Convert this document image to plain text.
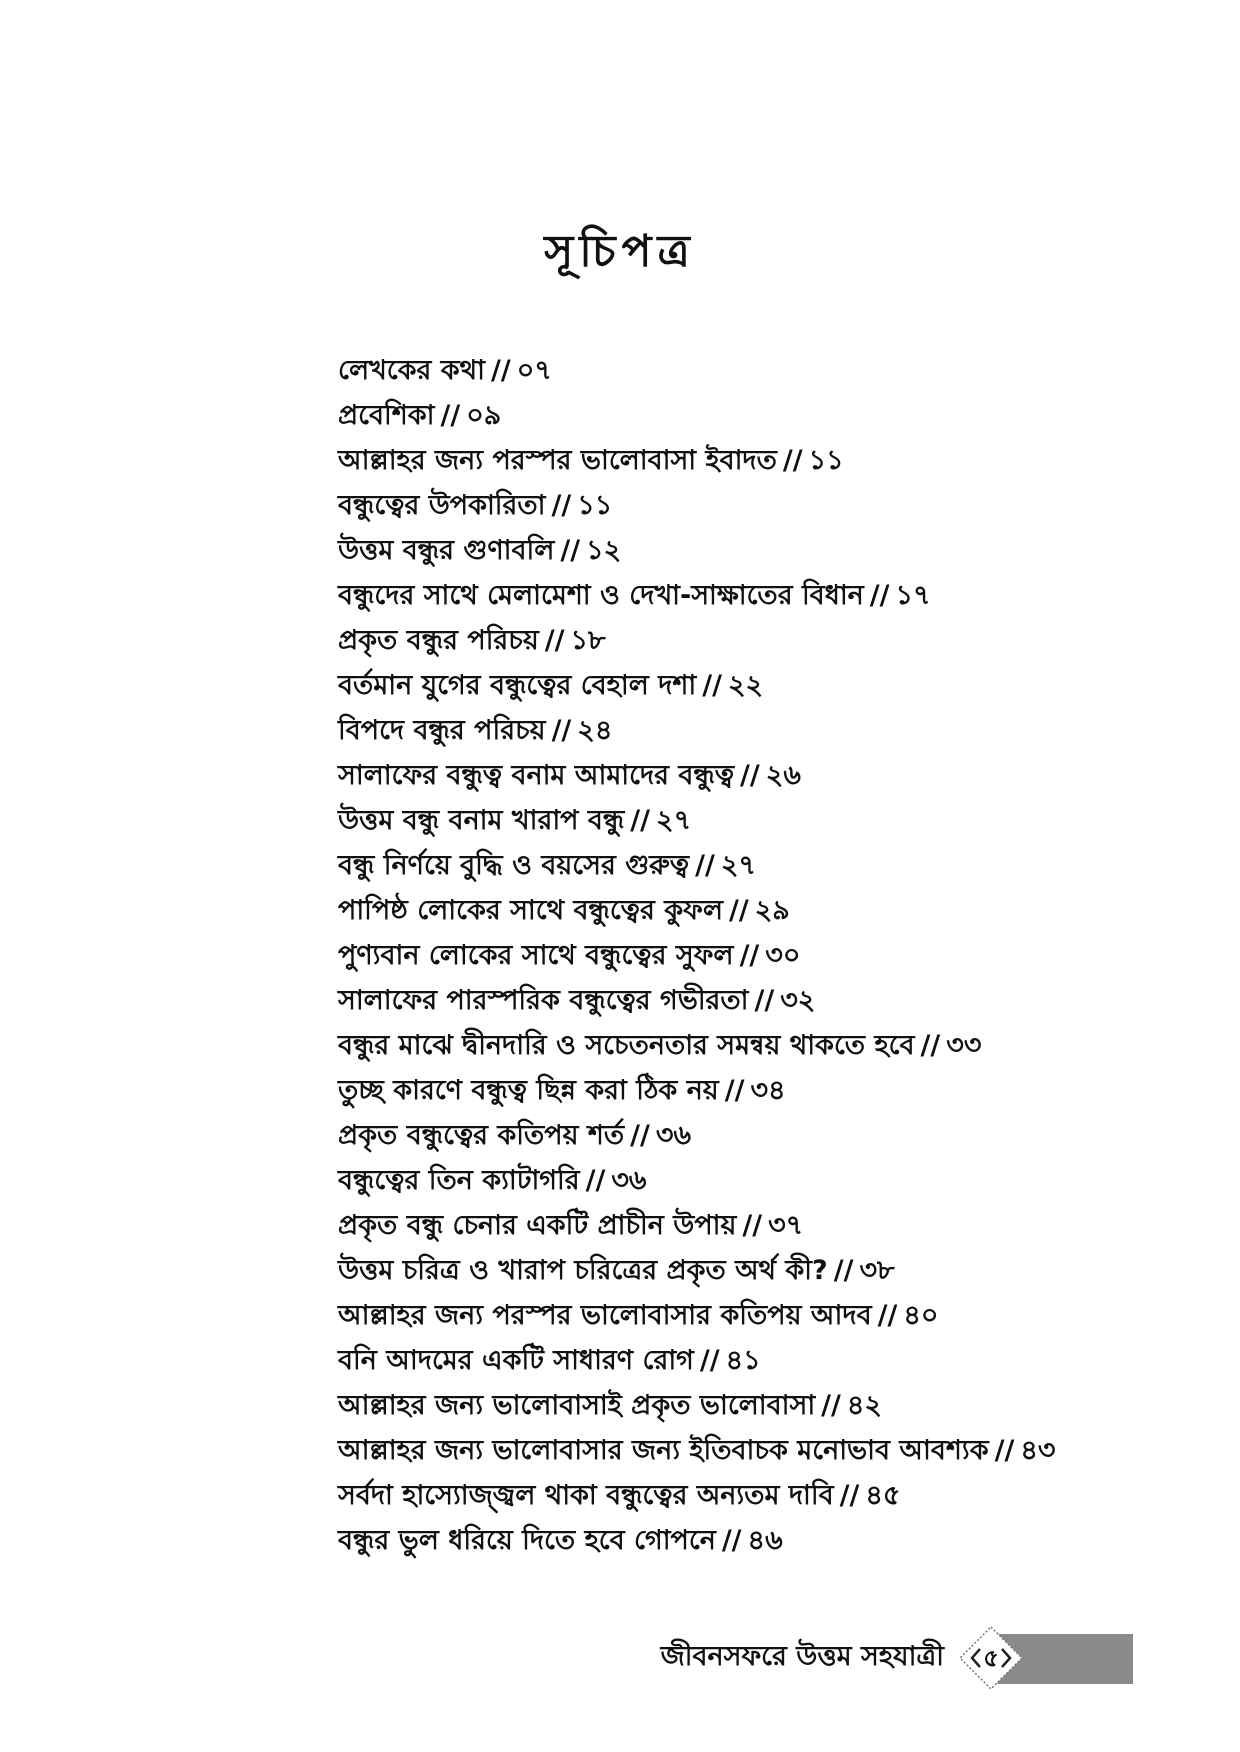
সূচিপত্র
লেখকের কথা // ০৭
প্রবেশিকা // ০৯
আল্লাহর জন্য পরস্পর ভালোবাসা ইবাদত // ১১
বন্ধুত্বের উপকারিতা // ১১
উত্তম বন্ধুর গুণাবলি // ১২
বন্ধুদের সাথে মেলামেশা ও দেখা-সাক্ষাতের বিধান // ১৭
প্রকৃত বন্ধুর পরিচয় // ১৮
বর্তমান যুগের বন্ধুত্বের বেহাল দশা // ২২
বিপদে বন্ধুর পরিচয় // ২৪
সালাফের বন্ধুত্ব বনাম আমাদের বন্ধুত্ব // ২৬
উত্তম বন্ধু বনাম খারাপ বন্ধু // ২৭
বন্ধু নির্ণয়ে বুদ্ধি ও বয়সের গুরুত্ব // ২৭
পাপিষ্ঠ লোকের সাথে বন্ধুত্বের কুফল // ২৯
পুণ্যবান লোকের সাথে বন্ধুত্বের সুফল // ৩০
সালাফের পারস্পরিক বন্ধুত্বের গভীরতা // ৩২
বন্ধুর মাঝে দ্বীনদারি ও সচেতনতার সমন্বয় থাকতে হবে // ৩৩
তুচ্ছ কারণে বন্ধুত্ব ছিন্ন করা ঠিক নয় // ৩৪
প্রকৃত বন্ধুত্বের কতিপয় শর্ত // ৩৬
বন্ধুত্বের তিন ক্যাটাগরি // ৩৬
প্রকৃত বন্ধু চেনার একটি প্রাচীন উপায় // ৩৭
উত্তম চরিত্র ও খারাপ চরিত্রের প্রকৃত অর্থ কী? // ৩৮
আল্লাহর জন্য পরস্পর ভালোবাসার কতিপয় আদব // ৪০
বনি আদমের একটি সাধারণ রোগ // ৪১
আল্লাহর জন্য ভালোবাসাই প্রকৃত ভালোবাসা // ৪২
আল্লাহর জন্য ভালোবাসার জন্য ইতিবাচক মনোভাব আবশ্যক // ৪৩
সর্বদা হাস্যোজ্জ্বল থাকা বন্ধুত্বের অন্যতম দাবি // ৪৫
বন্ধুর ভুল ধরিয়ে দিতে হবে গোপনে // ৪৬
জীবনসফরে উত্তম সহযাত্রী	৫
